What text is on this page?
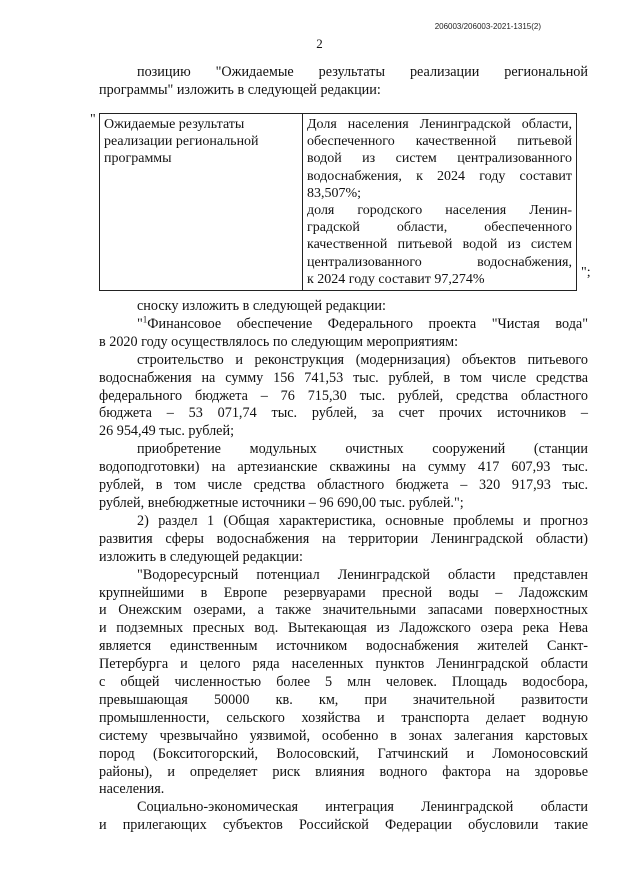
206003/206003-2021-1315(2)
2
позицию "Ожидаемые результаты реализации региональной
программы" изложить в следующей редакции:
" Ожидаемые результаты
реализации региональной
программы

Доля населения Ленинградской области,
обеспеченного качественной питьевой
водой из систем централизованного
водоснабжения, к 2024 году составит
83,507%;
доля городского населения Ленин-
градской области, обеспеченного
качественной питьевой водой из систем
централизованного водоснабжения,
к 2024 году составит 97,274%	";
сноску изложить в следующей редакции:
"$^1$Финансовое обеспечение Федерального проекта "Чистая вода"
в 2020 году осуществлялось по следующим мероприятиям:
строительство и реконструкция (модернизация) объектов питьевого
водоснабжения на сумму 156 741,53 тыс. рублей, в том числе средства
федерального бюджета – 76 715,30 тыс. рублей, средства областного
бюджета – 53 071,74 тыс. рублей, за счет прочих источников –
26 954,49 тыс. рублей;
приобретение модульных очистных сооружений (станции
водоподготовки) на артезианские скважины на сумму 417 607,93 тыс.
рублей, в том числе средства областного бюджета – 320 917,93 тыс.
рублей, внебюджетные источники – 96 690,00 тыс. рублей.";
2) раздел 1 (Общая характеристика, основные проблемы и прогноз
развития сферы водоснабжения на территории Ленинградской области)
изложить в следующей редакции:
"Водоресурсный потенциал Ленинградской области представлен
крупнейшими в Европе резервуарами пресной воды – Ладожским
и Онежским озерами, а также значительными запасами поверхностных
и подземных пресных вод. Вытекающая из Ладожского озера река Нева
является единственным источником водоснабжения жителей Санкт-
Петербурга и целого ряда населенных пунктов Ленинградской области
с общей численностью более 5 млн человек. Площадь водосбора,
превышающая 50000 кв. км, при значительной развитости
промышленности, сельского хозяйства и транспорта делает водную
систему чрезвычайно уязвимой, особенно в зонах залегания карстовых
пород (Бокситогорский, Волосовский, Гатчинский и Ломоносовский
районы), и определяет риск влияния водного фактора на здоровье
населения.
Социально-экономическая интеграция Ленинградской области
и прилегающих субъектов Российской Федерации обусловили такие
